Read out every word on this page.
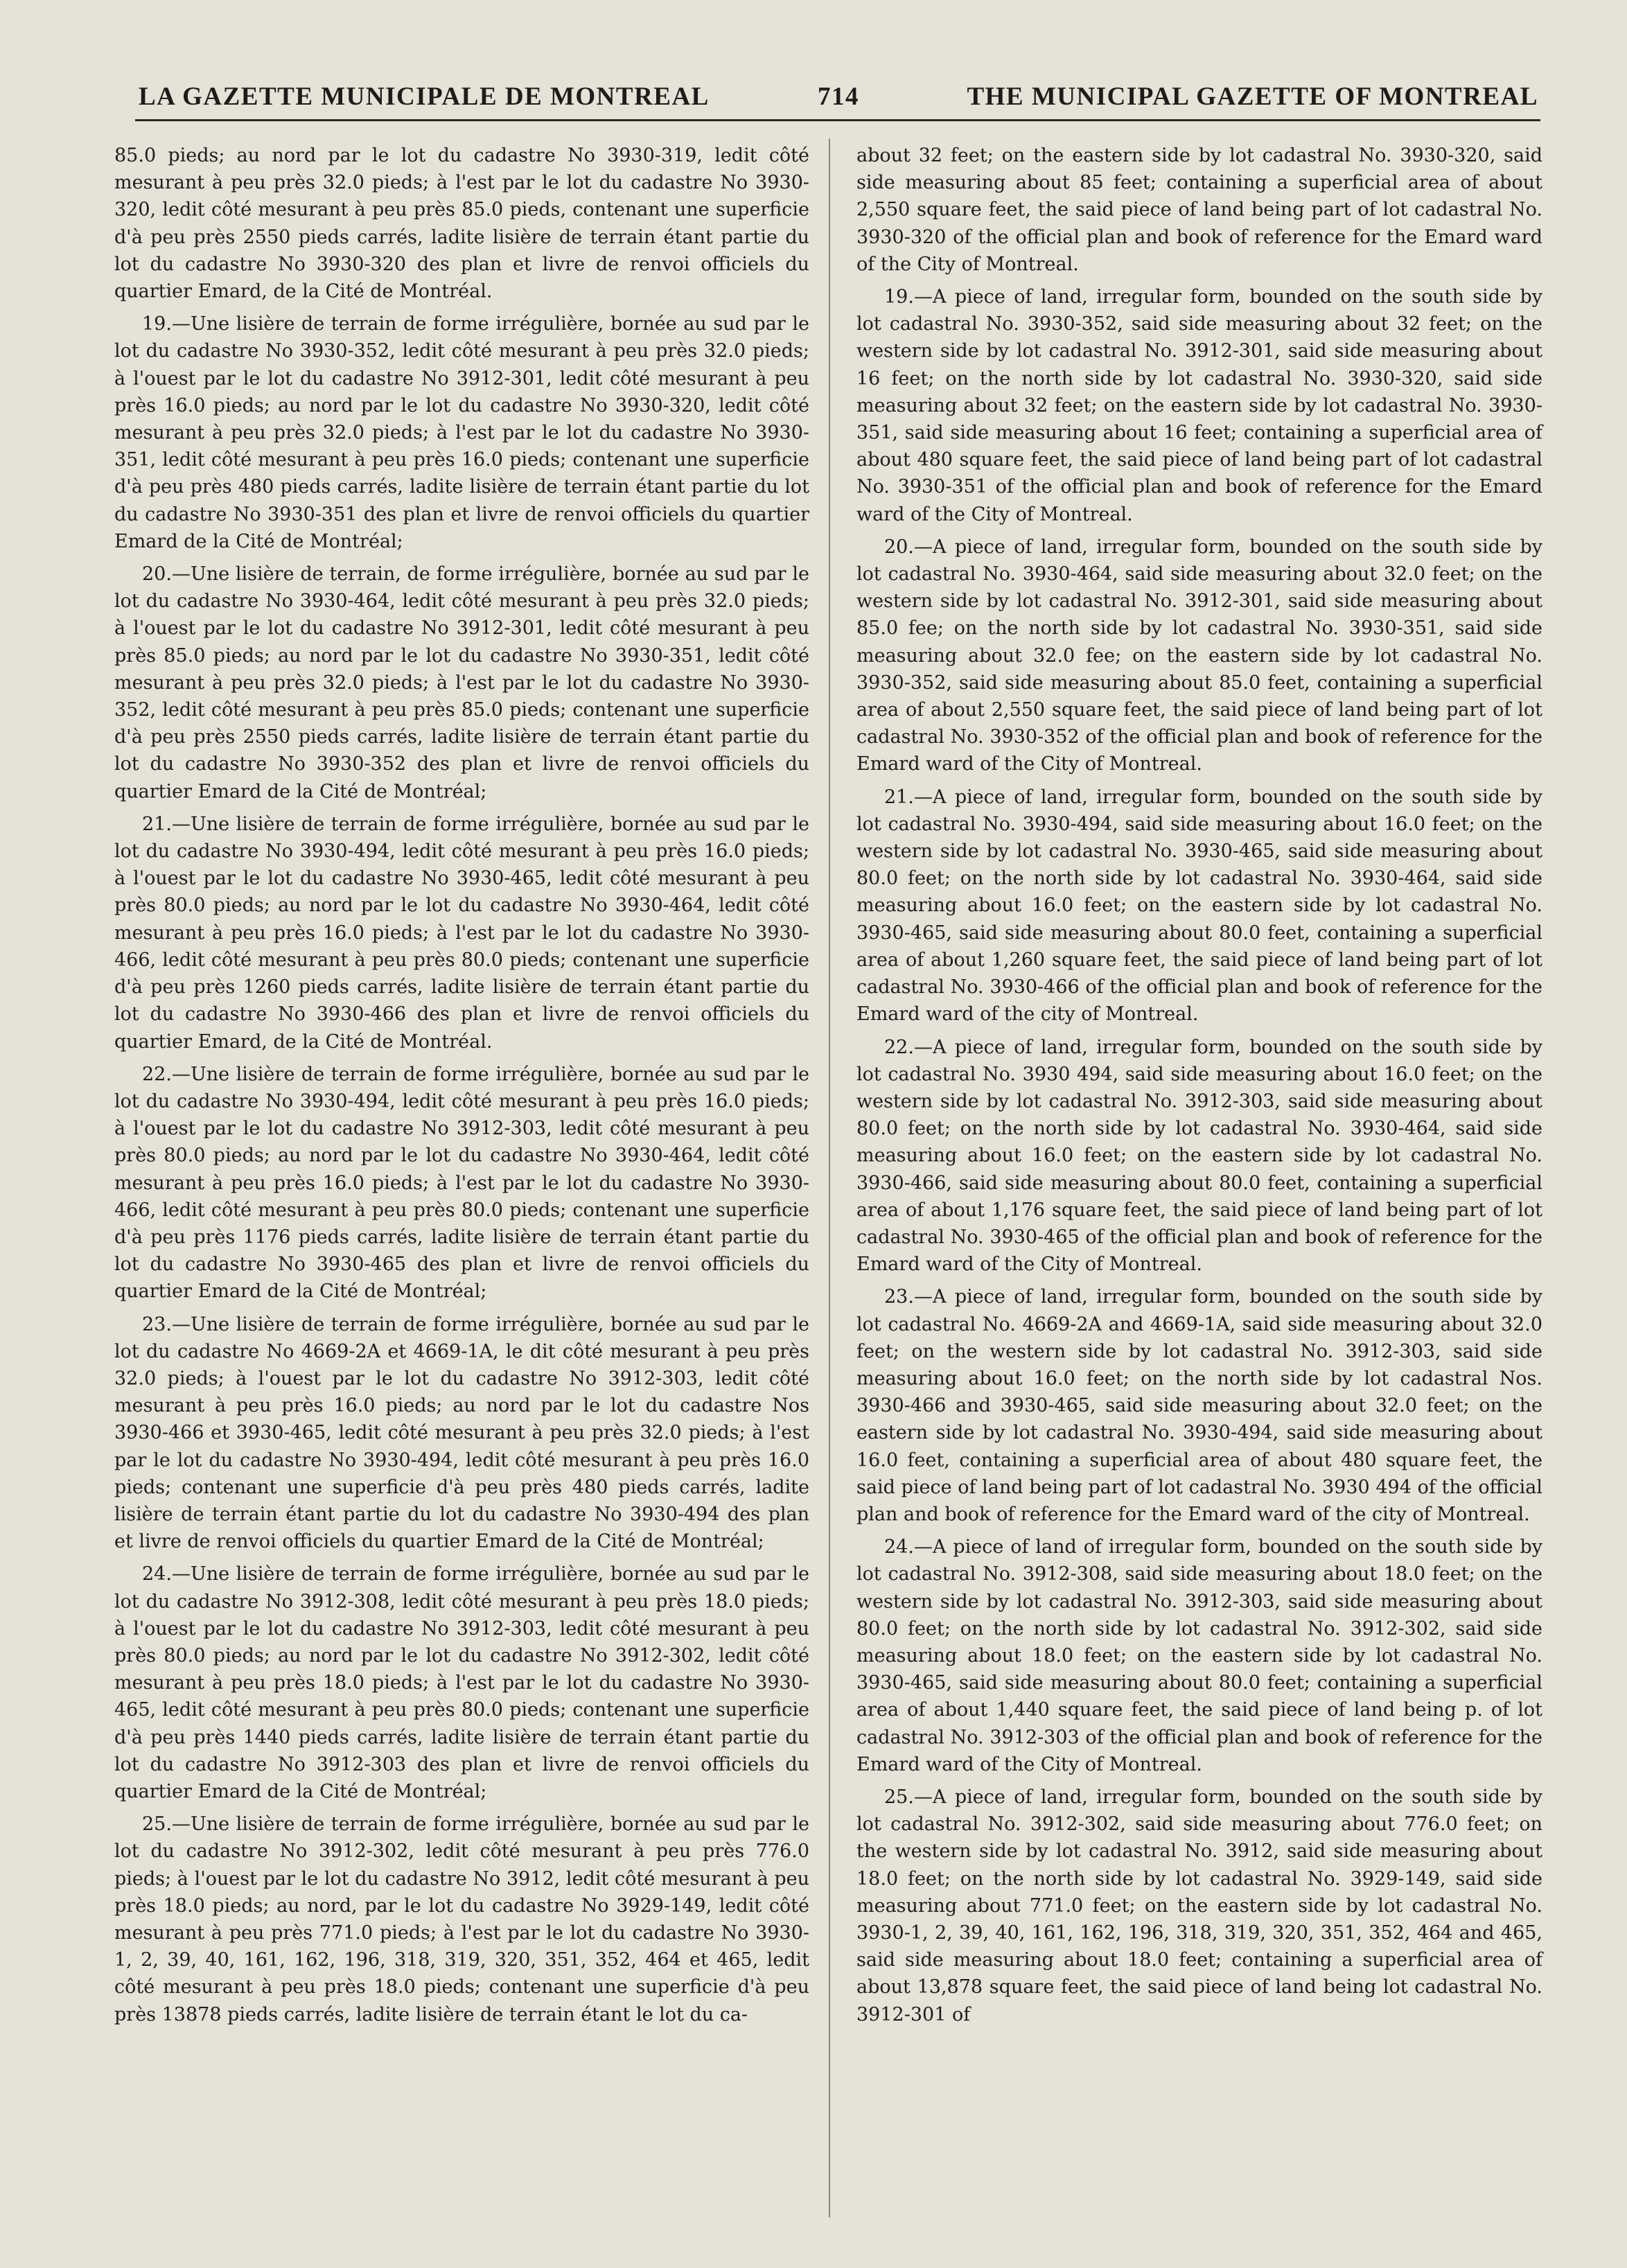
LA GAZETTE MUNICIPALE DE MONTREAL	714	THE MUNICIPAL GAZETTE OF MONTREAL

85.0 pieds; au nord par le lot du cadastre No 3930-319, ledit côté mesurant à peu près 32.0 pieds; à l'est par le lot du cadastre No 3930-320, ledit côté mesurant à peu près 85.0 pieds, contenant une superficie d'à peu près 2550 pieds carrés, ladite lisière de terrain étant partie du lot du cadastre No 3930-320 des plan et livre de renvoi officiels du quartier Emard, de la Cité de Montréal.

19.—Une lisière de terrain de forme irrégulière, bornée au sud par le lot du cadastre No 3930-352, ledit côté mesurant à peu près 32.0 pieds; à l'ouest par le lot du cadastre No 3912-301, ledit côté mesurant à peu près 16.0 pieds; au nord par le lot du cadastre No 3930-320, ledit côté mesurant à peu près 32.0 pieds; à l'est par le lot du cadastre No 3930-351, ledit côté mesurant à peu près 16.0 pieds; contenant une superficie d'à peu près 480 pieds carrés, ladite lisière de terrain étant partie du lot du cadastre No 3930-351 des plan et livre de renvoi officiels du quartier Emard de la Cité de Montréal;

20.—Une lisière de terrain, de forme irrégulière, bornée au sud par le lot du cadastre No 3930-464, ledit côté mesurant à peu près 32.0 pieds; à l'ouest par le lot du cadastre No 3912-301, ledit côté mesurant à peu près 85.0 pieds; au nord par le lot du cadastre No 3930-351, ledit côté mesurant à peu près 32.0 pieds; à l'est par le lot du cadastre No 3930-352, ledit côté mesurant à peu près 85.0 pieds; contenant une superficie d'à peu près 2550 pieds carrés, ladite lisière de terrain étant partie du lot du cadastre No 3930-352 des plan et livre de renvoi officiels du quartier Emard de la Cité de Montréal;

21.—Une lisière de terrain de forme irrégulière, bornée au sud par le lot du cadastre No 3930-494, ledit côté mesurant à peu près 16.0 pieds; à l'ouest par le lot du cadastre No 3930-465, ledit côté mesurant à peu près 80.0 pieds; au nord par le lot du cadastre No 3930-464, ledit côté mesurant à peu près 16.0 pieds; à l'est par le lot du cadastre No 3930-466, ledit côté mesurant à peu près 80.0 pieds; contenant une superficie d'à peu près 1260 pieds carrés, ladite lisière de terrain étant partie du lot du cadastre No 3930-466 des plan et livre de renvoi officiels du quartier Emard, de la Cité de Montréal.

22.—Une lisière de terrain de forme irrégulière, bornée au sud par le lot du cadastre No 3930-494, ledit côté mesurant à peu près 16.0 pieds; à l'ouest par le lot du cadastre No 3912-303, ledit côté mesurant à peu près 80.0 pieds; au nord par le lot du cadastre No 3930-464, ledit côté mesurant à peu près 16.0 pieds; à l'est par le lot du cadastre No 3930-466, ledit côté mesurant à peu près 80.0 pieds; contenant une superficie d'à peu près 1176 pieds carrés, ladite lisière de terrain étant partie du lot du cadastre No 3930-465 des plan et livre de renvoi officiels du quartier Emard de la Cité de Montréal;

23.—Une lisière de terrain de forme irrégulière, bornée au sud par le lot du cadastre No 4669-2A et 4669-1A, le dit côté mesurant à peu près 32.0 pieds; à l'ouest par le lot du cadastre No 3912-303, ledit côté mesurant à peu près 16.0 pieds; au nord par le lot du cadastre Nos 3930-466 et 3930-465, ledit côté mesurant à peu près 32.0 pieds; à l'est par le lot du cadastre No 3930-494, ledit côté mesurant à peu près 16.0 pieds; contenant une superficie d'à peu près 480 pieds carrés, ladite lisière de terrain étant partie du lot du cadastre No 3930-494 des plan et livre de renvoi officiels du quartier Emard de la Cité de Montréal;

24.—Une lisière de terrain de forme irrégulière, bornée au sud par le lot du cadastre No 3912-308, ledit côté mesurant à peu près 18.0 pieds; à l'ouest par le lot du cadastre No 3912-303, ledit côté mesurant à peu près 80.0 pieds; au nord par le lot du cadastre No 3912-302, ledit côté mesurant à peu près 18.0 pieds; à l'est par le lot du cadastre No 3930-465, ledit côté mesurant à peu près 80.0 pieds; contenant une superficie d'à peu près 1440 pieds carrés, ladite lisière de terrain étant partie du lot du cadastre No 3912-303 des plan et livre de renvoi officiels du quartier Emard de la Cité de Montréal;

25.—Une lisière de terrain de forme irrégulière, bornée au sud par le lot du cadastre No 3912-302, ledit côté mesurant à peu près 776.0 pieds; à l'ouest par le lot du cadastre No 3912, ledit côté mesurant à peu près 18.0 pieds; au nord, par le lot du cadastre No 3929-149, ledit côté mesurant à peu près 771.0 pieds; à l'est par le lot du cadastre No 3930-1, 2, 39, 40, 161, 162, 196, 318, 319, 320, 351, 352, 464 et 465, ledit côté mesurant à peu près 18.0 pieds; contenant une superficie d'à peu près 13878 pieds carrés, ladite lisière de terrain étant le lot du ca-

about 32 feet; on the eastern side by lot cadastral No. 3930-320, said side measuring about 85 feet; containing a superficial area of about 2,550 square feet, the said piece of land being part of lot cadastral No. 3930-320 of the official plan and book of reference for the Emard ward of the City of Montreal.

19.—A piece of land, irregular form, bounded on the south side by lot cadastral No. 3930-352, said side measuring about 32 feet; on the western side by lot cadastral No. 3912-301, said side measuring about 16 feet; on the north side by lot cadastral No. 3930-320, said side measuring about 32 feet; on the eastern side by lot cadastral No. 3930-351, said side measuring about 16 feet; containing a superficial area of about 480 square feet, the said piece of land being part of lot cadastral No. 3930-351 of the official plan and book of reference for the Emard ward of the City of Montreal.

20.—A piece of land, irregular form, bounded on the south side by lot cadastral No. 3930-464, said side measuring about 32.0 feet; on the western side by lot cadastral No. 3912-301, said side measuring about 85.0 fee; on the north side by lot cadastral No. 3930-351, said side measuring about 32.0 fee; on the eastern side by lot cadastral No. 3930-352, said side measuring about 85.0 feet, containing a superficial area of about 2,550 square feet, the said piece of land being part of lot cadastral No. 3930-352 of the official plan and book of reference for the Emard ward of the City of Montreal.

21.—A piece of land, irregular form, bounded on the south side by lot cadastral No. 3930-494, said side measuring about 16.0 feet; on the western side by lot cadastral No. 3930-465, said side measuring about 80.0 feet; on the north side by lot cadastral No. 3930-464, said side measuring about 16.0 feet; on the eastern side by lot cadastral No. 3930-465, said side measuring about 80.0 feet, containing a superficial area of about 1,260 square feet, the said piece of land being part of lot cadastral No. 3930-466 of the official plan and book of reference for the Emard ward of the city of Montreal.

22.—A piece of land, irregular form, bounded on the south side by lot cadastral No. 3930 494, said side measuring about 16.0 feet; on the western side by lot cadastral No. 3912-303, said side measuring about 80.0 feet; on the north side by lot cadastral No. 3930-464, said side measuring about 16.0 feet; on the eastern side by lot cadastral No. 3930-466, said side measuring about 80.0 feet, containing a superficial area of about 1,176 square feet, the said piece of land being part of lot cadastral No. 3930-465 of the official plan and book of reference for the Emard ward of the City of Montreal.

23.—A piece of land, irregular form, bounded on the south side by lot cadastral No. 4669-2A and 4669-1A, said side measuring about 32.0 feet; on the western side by lot cadastral No. 3912-303, said side measuring about 16.0 feet; on the north side by lot cadastral Nos. 3930-466 and 3930-465, said side measuring about 32.0 feet; on the eastern side by lot cadastral No. 3930-494, said side measuring about 16.0 feet, containing a superficial area of about 480 square feet, the said piece of land being part of lot cadastral No. 3930 494 of the official plan and book of reference for the Emard ward of the city of Montreal.

24.—A piece of land of irregular form, bounded on the south side by lot cadastral No. 3912-308, said side measuring about 18.0 feet; on the western side by lot cadastral No. 3912-303, said side measuring about 80.0 feet; on the north side by lot cadastral No. 3912-302, said side measuring about 18.0 feet; on the eastern side by lot cadastral No. 3930-465, said side measuring about 80.0 feet; containing a superficial area of about 1,440 square feet, the said piece of land being p. of lot cadastral No. 3912-303 of the official plan and book of reference for the Emard ward of the City of Montreal.

25.—A piece of land, irregular form, bounded on the south side by lot cadastral No. 3912-302, said side measuring about 776.0 feet; on the western side by lot cadastral No. 3912, said side measuring about 18.0 feet; on the north side by lot cadastral No. 3929-149, said side measuring about 771.0 feet; on the eastern side by lot cadastral No. 3930-1, 2, 39, 40, 161, 162, 196, 318, 319, 320, 351, 352, 464 and 465, said side measuring about 18.0 feet; containing a superficial area of about 13,878 square feet, the said piece of land being lot cadastral No. 3912-301 of
